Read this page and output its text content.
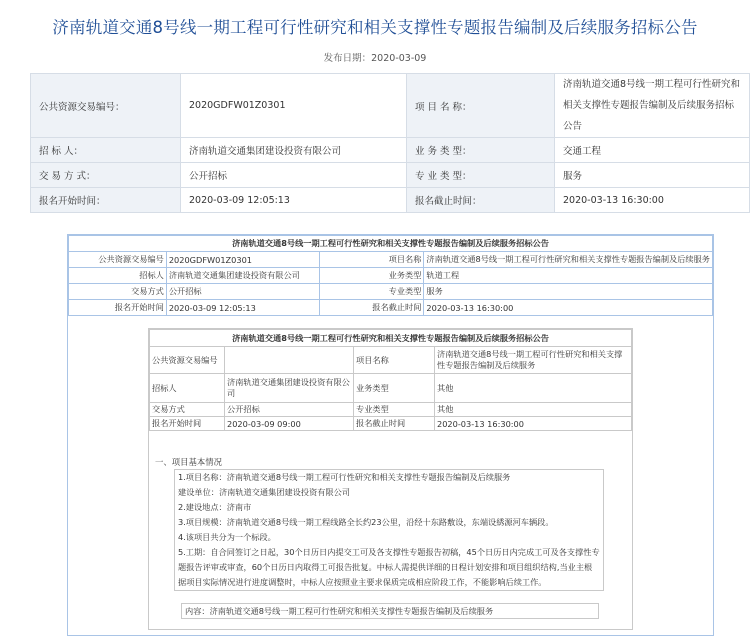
济南轨道交通8号线一期工程可行性研究和相关支撑性专题报告编制及后续服务招标公告
发布日期：2020-03-09
公共资源交易编号：	2020GDFW01Z0301	项 目 名 称：	济南轨道交通8号线一期工程可行性研究和相关支撑性专题报告编制及后续服务招标公告
招 标 人：	济南轨道交通集团建设投资有限公司	业 务 类 型：	交通工程
交 易 方 式：	公开招标	专 业 类 型：	服务
报名开始时间：	2020-03-09 12:05:13	报名截止时间：	2020-03-13 16:30:00
济南轨道交通8号线一期工程可行性研究和相关支撑性专题报告编制及后续服务招标公告			
公共资源交易编号	2020GDFW01Z0301	项目名称	济南轨道交通8号线一期工程可行性研究和相关支撑性专题报告编制及后续服务
招标人	济南轨道交通集团建设投资有限公司	业务类型	轨道工程
交易方式	公开招标	专业类型	服务
报名开始时间	2020-03-09 12:05:13	报名截止时间	2020-03-13 16:30:00
济南轨道交通8号线一期工程可行性研究和相关支撑性专题报告编制及后续服务招标公告			
公共资源交易编号		项目名称	济南轨道交通8号线一期工程可行性研究和相关支撑性专题报告编制及后续服务
招标人	济南轨道交通集团建设投资有限公司	业务类型	其他
交易方式	公开招标	专业类型	其他
报名开始时间	2020-03-09 09:00	报名截止时间	2020-03-13 16:30:00
一、项目基本情况

1.项目名称：济南轨道交通8号线一期工程可行性研究和相关支撑性专题报告编制及后续服务

建设单位：济南轨道交通集团建设投资有限公司

2.建设地点：济南市

3.项目规模：济南轨道交通8号线一期工程线路全长约23公里，沿经十东路敷设，东端设綉源河车辆段。

4.该项目共分为一个标段。

5.工期：自合同签订之日起，30个日历日内提交工可及各支撑性专题报告初稿，45个日历日内完成工可及各支撑性专题报告评审或审查，60个日历日内取得工可报告批复。中标人需提供详细的日程计划安排和项目组织结构,当业主根据项目实际情况进行进度调整时，中标人应按照业主要求保质完成相应阶段工作，不能影响后续工作。

内容：济南轨道交通8号线一期工程可行性研究和相关支撑性专题报告编制及后续服务
